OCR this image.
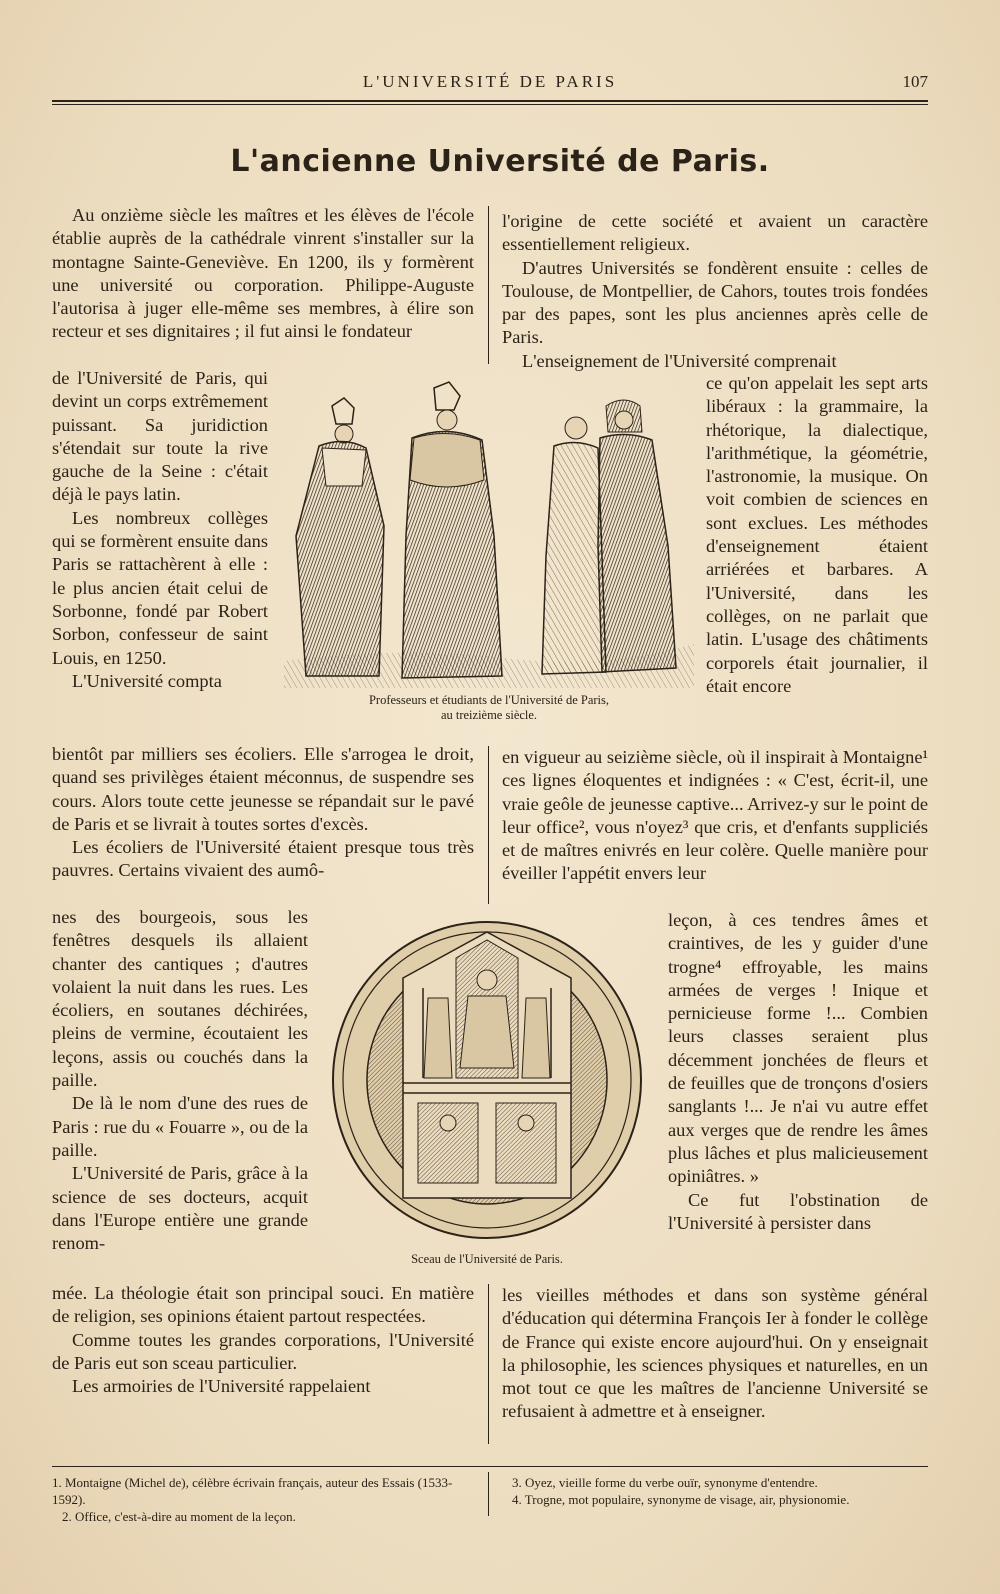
L'UNIVERSITÉ DE PARIS	107
L'ancienne Université de Paris.

Au onzième siècle les maîtres et les élèves de l'école établie auprès de la cathédrale vinrent s'installer sur la montagne Sainte-Geneviève. En 1200, ils y formèrent une université ou corporation. Philippe-Auguste l'autorisa à juger elle-même ses membres, à élire son recteur et ses dignitaires ; il fut ainsi le fondateur

de l'Université de Paris, qui devint un corps extrêmement puissant. Sa juridiction s'étendait sur toute la rive gauche de la Seine : c'était déjà le pays latin.

Les nombreux collèges qui se formèrent ensuite dans Paris se rattachèrent à elle : le plus ancien était celui de Sorbonne, fondé par Robert Sorbon, confesseur de saint Louis, en 1250.

L'Université compta

bientôt par milliers ses écoliers. Elle s'arrogea le droit, quand ses privilèges étaient méconnus, de suspendre ses cours. Alors toute cette jeunesse se répandait sur le pavé de Paris et se livrait à toutes sortes d'excès.

Les écoliers de l'Université étaient presque tous très pauvres. Certains vivaient des aumô-

nes des bourgeois, sous les fenêtres desquels ils allaient chanter des cantiques ; d'autres volaient la nuit dans les rues. Les écoliers, en soutanes déchirées, pleins de vermine, écoutaient les leçons, assis ou couchés dans la paille.

De là le nom d'une des rues de Paris : rue du « Fouarre », ou de la paille.

L'Université de Paris, grâce à la science de ses docteurs, acquit dans l'Europe entière une grande renom-

mée. La théologie était son principal souci. En matière de religion, ses opinions étaient partout respectées.

Comme toutes les grandes corporations, l'Université de Paris eut son sceau particulier.

Les armoiries de l'Université rappelaient

l'origine de cette société et avaient un caractère essentiellement religieux.

D'autres Universités se fondèrent ensuite : celles de Toulouse, de Montpellier, de Cahors, toutes trois fondées par des papes, sont les plus anciennes après celle de Paris.

L'enseignement de l'Université comprenait

ce qu'on appelait les sept arts libéraux : la grammaire, la rhétorique, la dialectique, l'arithmétique, la géométrie, l'astronomie, la musique. On voit combien de sciences en sont exclues. Les méthodes d'enseignement étaient arriérées et barbares. A l'Université, dans les collèges, on ne parlait que latin. L'usage des châtiments corporels était journalier, il était encore

en vigueur au seizième siècle, où il inspirait à Montaigne¹ ces lignes éloquentes et indignées : « C'est, écrit-il, une vraie geôle de jeunesse captive... Arrivez-y sur le point de leur office², vous n'oyez³ que cris, et d'enfants suppliciés et de maîtres enivrés en leur colère. Quelle manière pour éveiller l'appétit envers leur

leçon, à ces tendres âmes et craintives, de les y guider d'une trogne⁴ effroyable, les mains armées de verges ! Inique et pernicieuse forme !... Combien leurs classes seraient plus décemment jonchées de fleurs et de feuilles que de tronçons d'osiers sanglants !... Je n'ai vu autre effet aux verges que de rendre les âmes plus lâches et plus malicieusement opiniâtres. »

Ce fut l'obstination de l'Université à persister dans

les vieilles méthodes et dans son système général d'éducation qui détermina François Ier à fonder le collège de France qui existe encore aujourd'hui. On y enseignait la philosophie, les sciences physiques et naturelles, en un mot tout ce que les maîtres de l'ancienne Université se refusaient à admettre et à enseigner.

Professeurs et étudiants de l'Université de Paris,
au treizième siècle.
Sceau de l'Université de Paris.

1. Montaigne (Michel de), célèbre écrivain français, auteur des Essais (1533-1592).

2. Office, c'est-à-dire au moment de la leçon.

3. Oyez, vieille forme du verbe ouïr, synonyme d'entendre.

4. Trogne, mot populaire, synonyme de visage, air, physionomie.
